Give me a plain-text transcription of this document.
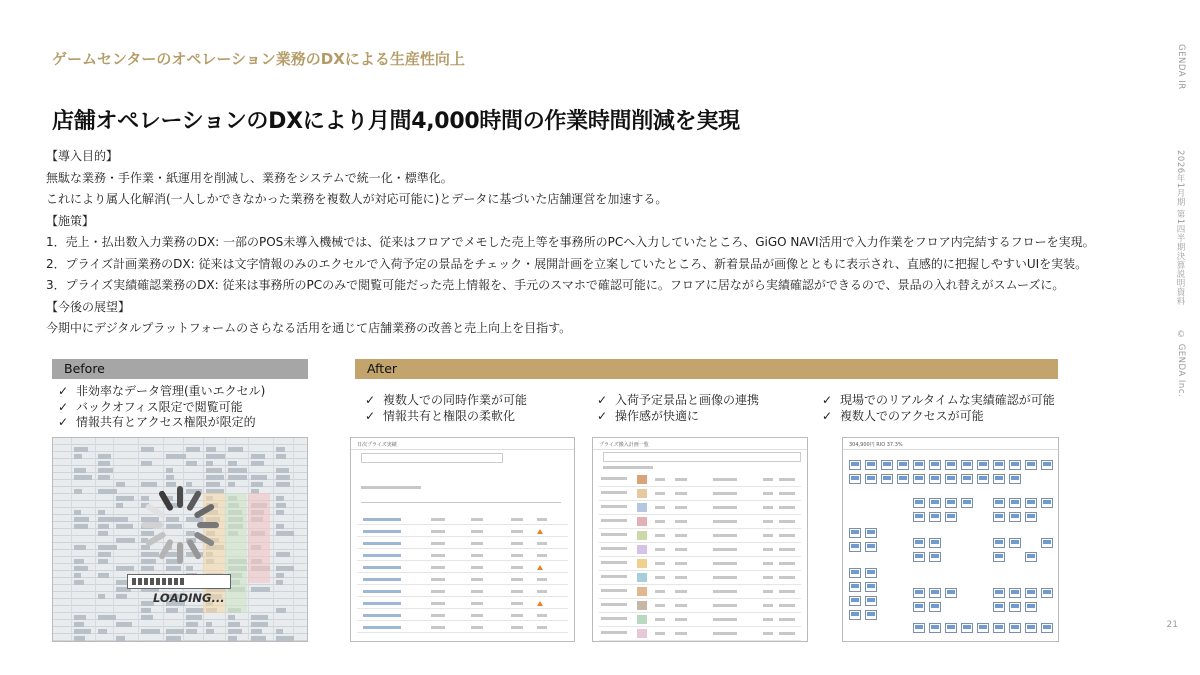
ゲームセンターのオペレーション業務のDXによる生産性向上
店舗オペレーションのDXにより月間4,000時間の作業時間削減を実現
【導入目的】
無駄な業務・手作業・紙運用を削減し、業務をシステムで統一化・標準化。
これにより属人化解消(一人しかできなかった業務を複数人が対応可能に)とデータに基づいた店舗運営を加速する。
【施策】
1．売上・払出数入力業務のDX: 一部のPOS未導入機械では、従来はフロアでメモした売上等を事務所のPCへ入力していたところ、GiGO NAVI活用で入力作業をフロア内完結するフローを実現。
2．プライズ計画業務のDX: 従来は文字情報のみのエクセルで入荷予定の景品をチェック・展開計画を立案していたところ、新着景品が画像とともに表示され、直感的に把握しやすいUIを実装。
3．プライズ実績確認業務のDX: 従来は事務所のPCのみで閲覧可能だった売上情報を、手元のスマホで確認可能に。フロアに居ながら実績確認ができるので、景品の入れ替えがスムーズに。
【今後の展望】
今期中にデジタルプラットフォームのさらなる活用を通じて店舗業務の改善と売上向上を目指す。
GENDA IR
2026年1月期 第1四半期決算説明資料
© GENDA Inc.
21
Before	After
✓ 非効率なデータ管理(重いエクセル)
✓ バックオフィス限定で閲覧可能
✓ 情報共有とアクセス権限が限定的
✓ 複数人での同時作業が可能
✓ 情報共有と権限の柔軟化
✓ 入荷予定景品と画像の連携
✓ 操作感が快適に
✓ 現場でのリアルタイムな実績確認が可能
✓ 複数人でのアクセスが可能
LOADING...
日次プライズ実績	プライズ搬入計画一覧	304,900円 RIO 37.3%
